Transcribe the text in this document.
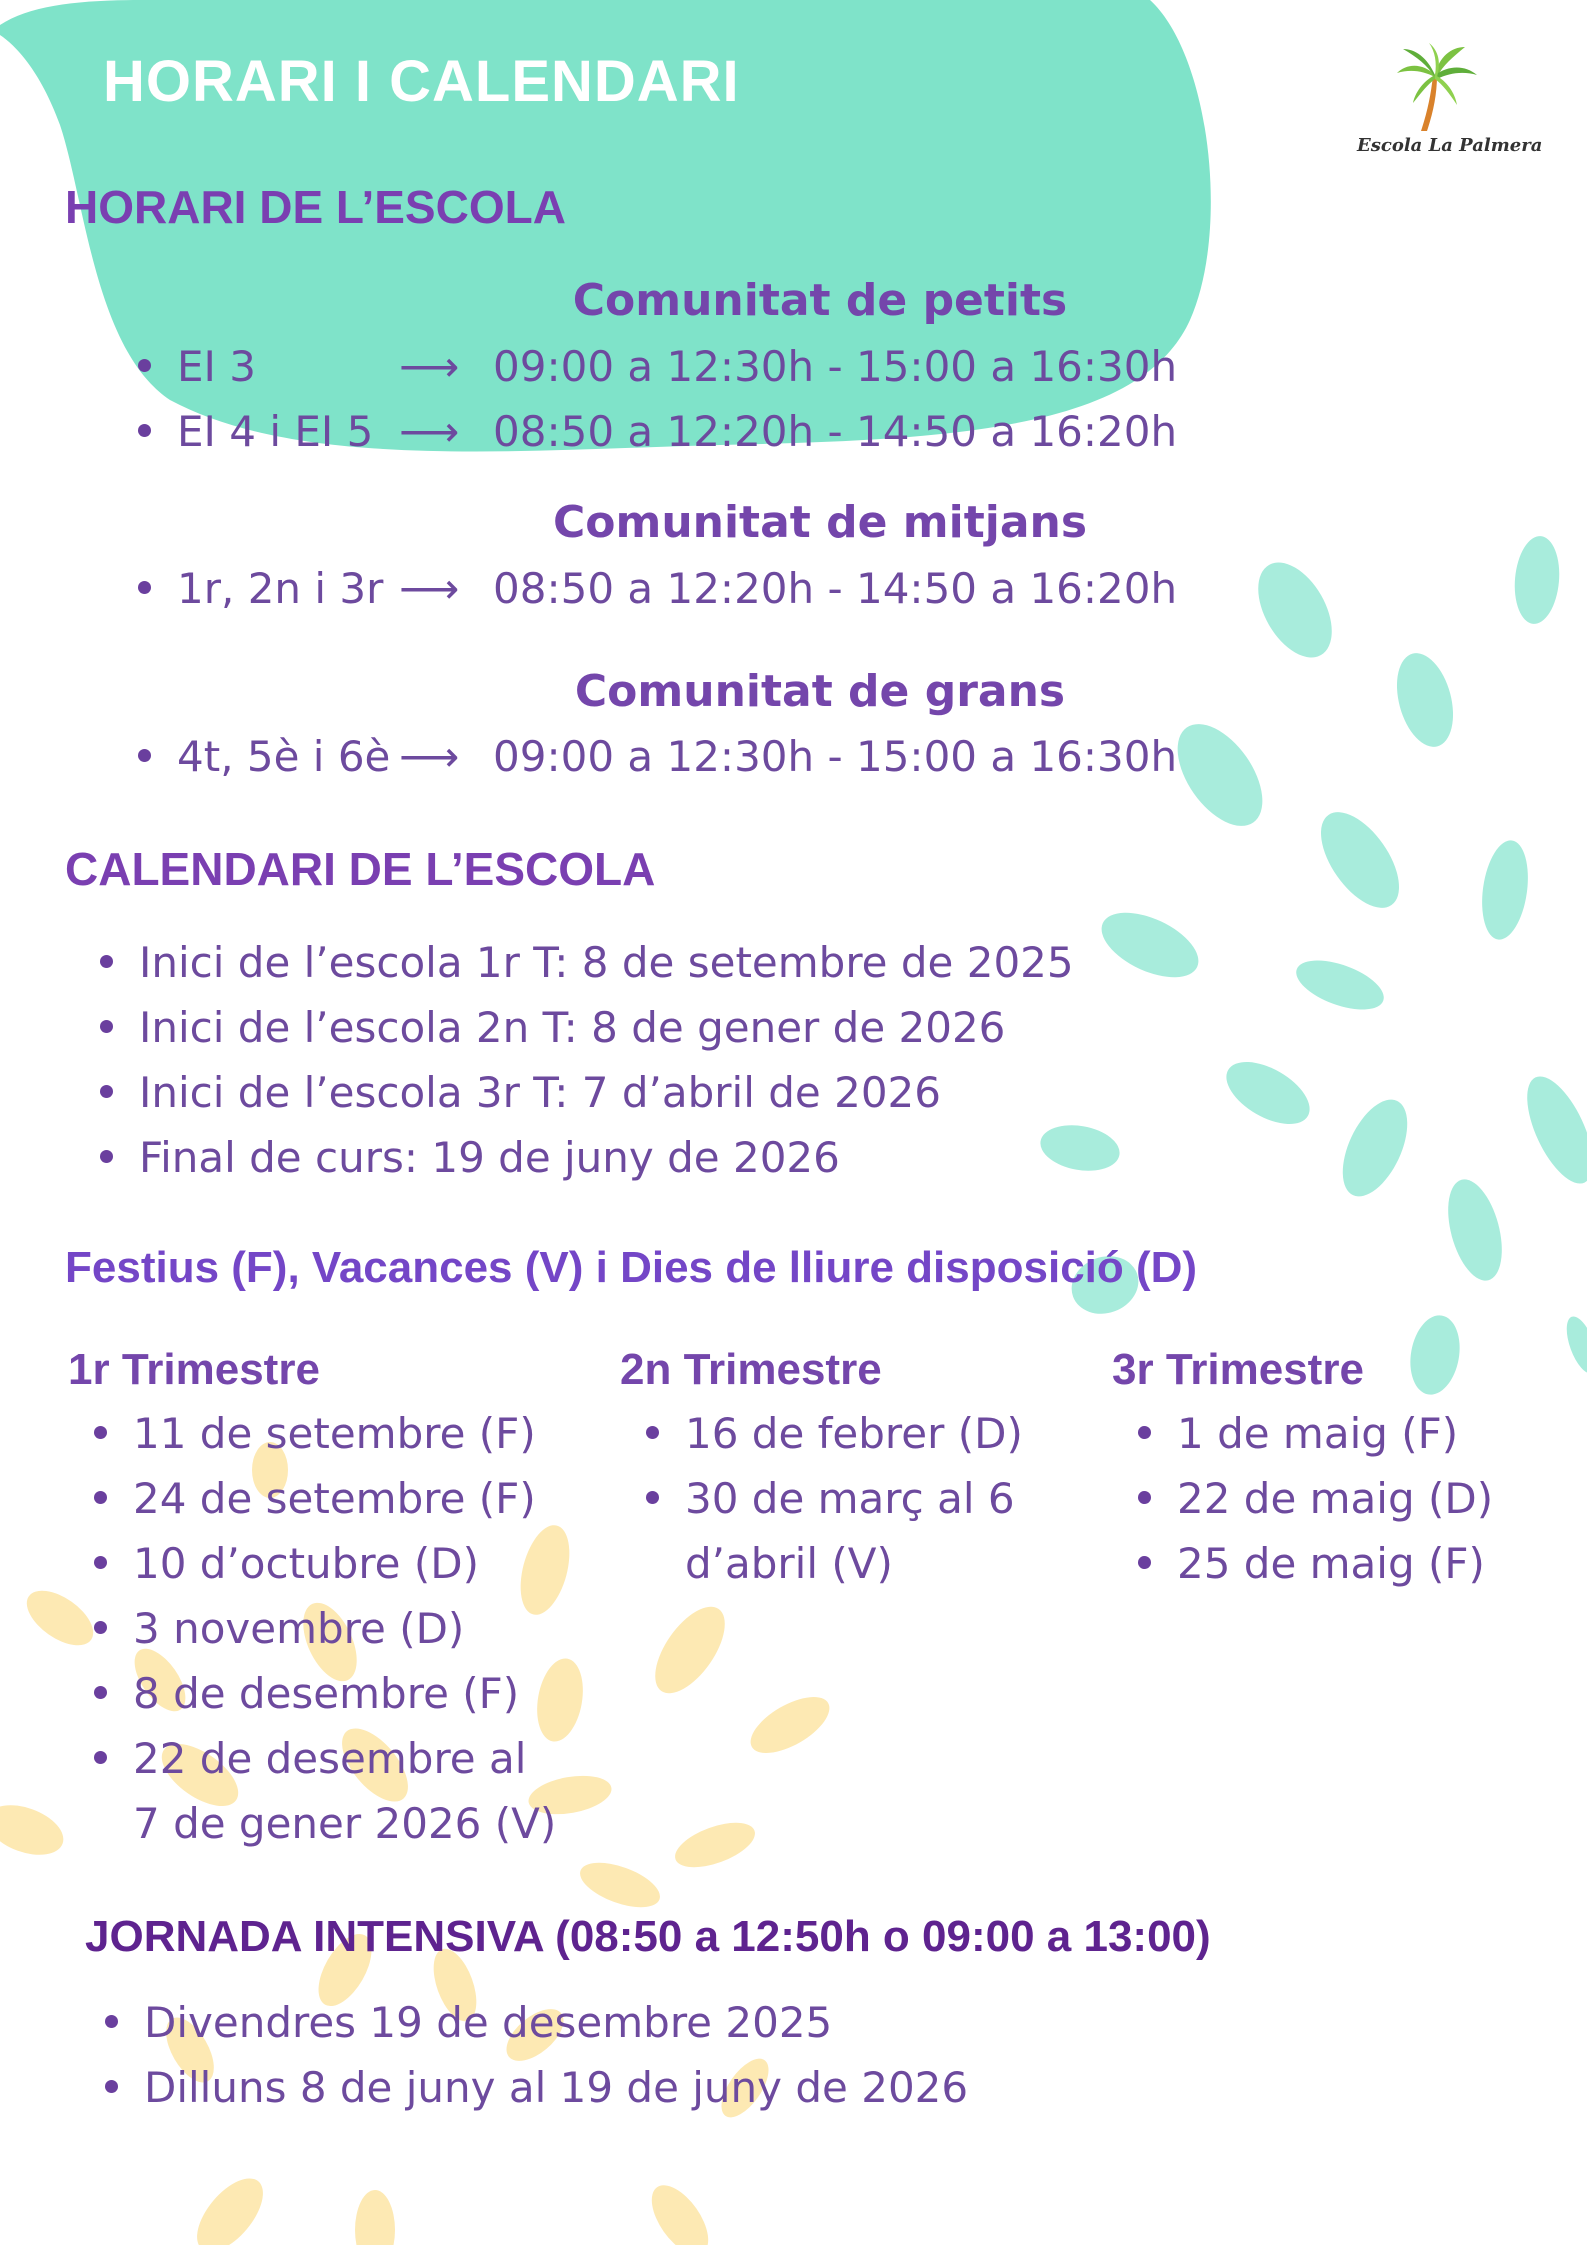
HORARI I CALENDARI
Escola La Palmera
HORARI DE L’ESCOLA
Comunitat de petits
EI 3	⟶ 09:00 a 12:30h - 15:00 a 16:30h
EI 4 i EI 5 ⟶ 08:50 a 12:20h - 14:50 a 16:20h
Comunitat de mitjans
1r, 2n i 3r ⟶ 08:50 a 12:20h - 14:50 a 16:20h
Comunitat de grans
4t, 5è i 6è ⟶ 09:00 a 12:30h - 15:00 a 16:30h
CALENDARI DE L’ESCOLA
Inici de l’escola 1r T: 8 de setembre de 2025
Inici de l’escola 2n T: 8 de gener de 2026
Inici de l’escola 3r T: 7 d’abril de 2026
Final de curs: 19 de juny de 2026
Festius (F), Vacances (V) i Dies de lliure disposició (D)
1r Trimestre
11 de setembre (F)
24 de setembre (F)
10 d’octubre (D)
3 novembre (D)
8 de desembre (F)
22 de desembre al
7 de gener 2026 (V)
2n Trimestre
16 de febrer (D)
30 de març al 6
d’abril (V)
3r Trimestre
1 de maig (F)
22 de maig (D)
25 de maig (F)
JORNADA INTENSIVA (08:50 a 12:50h o 09:00 a 13:00)
Divendres 19 de desembre 2025
Dilluns 8 de juny al 19 de juny de 2026
